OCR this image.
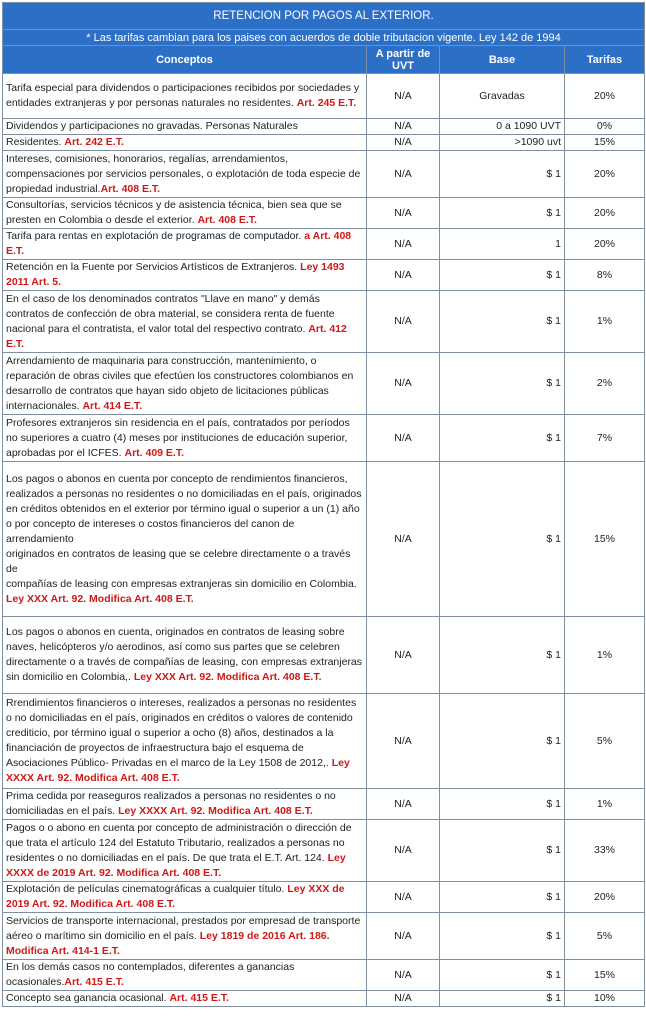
RETENCION POR PAGOS AL EXTERIOR.			
* Las tarifas cambian para los paises con acuerdos de doble tributacion vigente. Ley 142 de 1994			
Conceptos	A partir de UVT	Base	Tarifas
Tarifa especial para dividendos o participaciones recibidos por sociedades y entidades extranjeras y por personas naturales no residentes. Art. 245 E.T.	N/A	Gravadas	20%
Dividendos y participaciones no gravadas. Personas Naturales	N/A	0 a 1090 UVT	0%
Residentes. Art. 242 E.T.	N/A	>1090 uvt	15%
Intereses, comisiones, honorarios, regalías, arrendamientos, compensaciones por servicios personales, o explotación de toda especie de propiedad industrial.Art. 408 E.T.	N/A	$ 1	20%
Consultorías, servicios técnicos y de asistencia técnica, bien sea que se presten en Colombia o desde el exterior. Art. 408 E.T.	N/A	$ 1	20%
Tarifa para rentas en explotación de programas de computador. a Art. 408 E.T.	N/A	1	20%
Retención en la Fuente por Servicios Artísticos de Extranjeros. Ley 1493 2011 Art. 5.	N/A	$ 1	8%
En el caso de los denominados contratos "Llave en mano" y demás contratos de confección de obra material, se considera renta de fuente nacional para el contratista, el valor total del respectivo contrato. Art. 412 E.T.	N/A	$ 1	1%
Arrendamiento de maquinaria para construcción, mantenimiento, o reparación de obras civiles que efectúen los constructores colombianos en desarrollo de contratos que hayan sido objeto de licitaciones públicas internacionales. Art. 414 E.T.	N/A	$ 1	2%
Profesores extranjeros sin residencia en el país, contratados por períodos no superiores a cuatro (4) meses por instituciones de educación superior, aprobadas por el ICFES. Art. 409 E.T.	N/A	$ 1	7%
Los pagos o abonos en cuenta por concepto de rendimientos financieros, realizados a personas no residentes o no domiciliadas en el país, originados en créditos obtenidos en el exterior por término igual o superior a un (1) año o por concepto de intereses o costos financieros del canon de arrendamiento
originados en contratos de leasing que se celebre directamente o a través de
compañías de leasing con empresas extranjeras sin domicilio en Colombia. Ley XXX Art. 92. Modifica Art. 408 E.T.	N/A	$ 1	15%
Los pagos o abonos en cuenta, originados en contratos de leasing sobre naves, helicópteros y/o aerodinos, así como sus partes que se celebren directamente o a través de compañías de leasing, con empresas extranjeras sin domicilio en Colombia,. Ley XXX Art. 92. Modifica Art. 408 E.T.	N/A	$ 1	1%
Rrendimientos financieros o intereses, realizados a personas no residentes o no domiciliadas en el país, originados en créditos o valores de contenido crediticio, por término igual o superior a ocho (8) años, destinados a la financiación de proyectos de infraestructura bajo el esquema de Asociaciones Público- Privadas en el marco de la Ley 1508 de 2012,. Ley XXXX Art. 92. Modifica Art. 408 E.T.	N/A	$ 1	5%
Prima cedida por reaseguros realizados a personas no residentes o no domiciliadas en el país. Ley XXXX Art. 92. Modifica Art. 408 E.T.	N/A	$ 1	1%
Pagos o o abono en cuenta por concepto de administración o dirección de que trata el artículo 124 del Estatuto Tributario, realizados a personas no residentes o no domiciliadas en el país. De que trata el E.T. Art. 124. Ley XXXX de 2019 Art. 92. Modifica Art. 408 E.T.	N/A	$ 1	33%
Explotación de películas cinematográficas a cualquier título. Ley XXX de 2019 Art. 92. Modifica Art. 408 E.T.	N/A	$ 1	20%
Servicios de transporte internacional, prestados por empresad de transporte
aéreo o marítimo sin domicilio en el país. Ley 1819 de 2016 Art. 186. Modifica Art. 414-1 E.T.	N/A	$ 1	5%
En los demás casos no contemplados, diferentes a ganancias ocasionales.Art. 415 E.T.	N/A	$ 1	15%
Concepto sea ganancia ocasional. Art. 415 E.T.	N/A	$ 1	10%
